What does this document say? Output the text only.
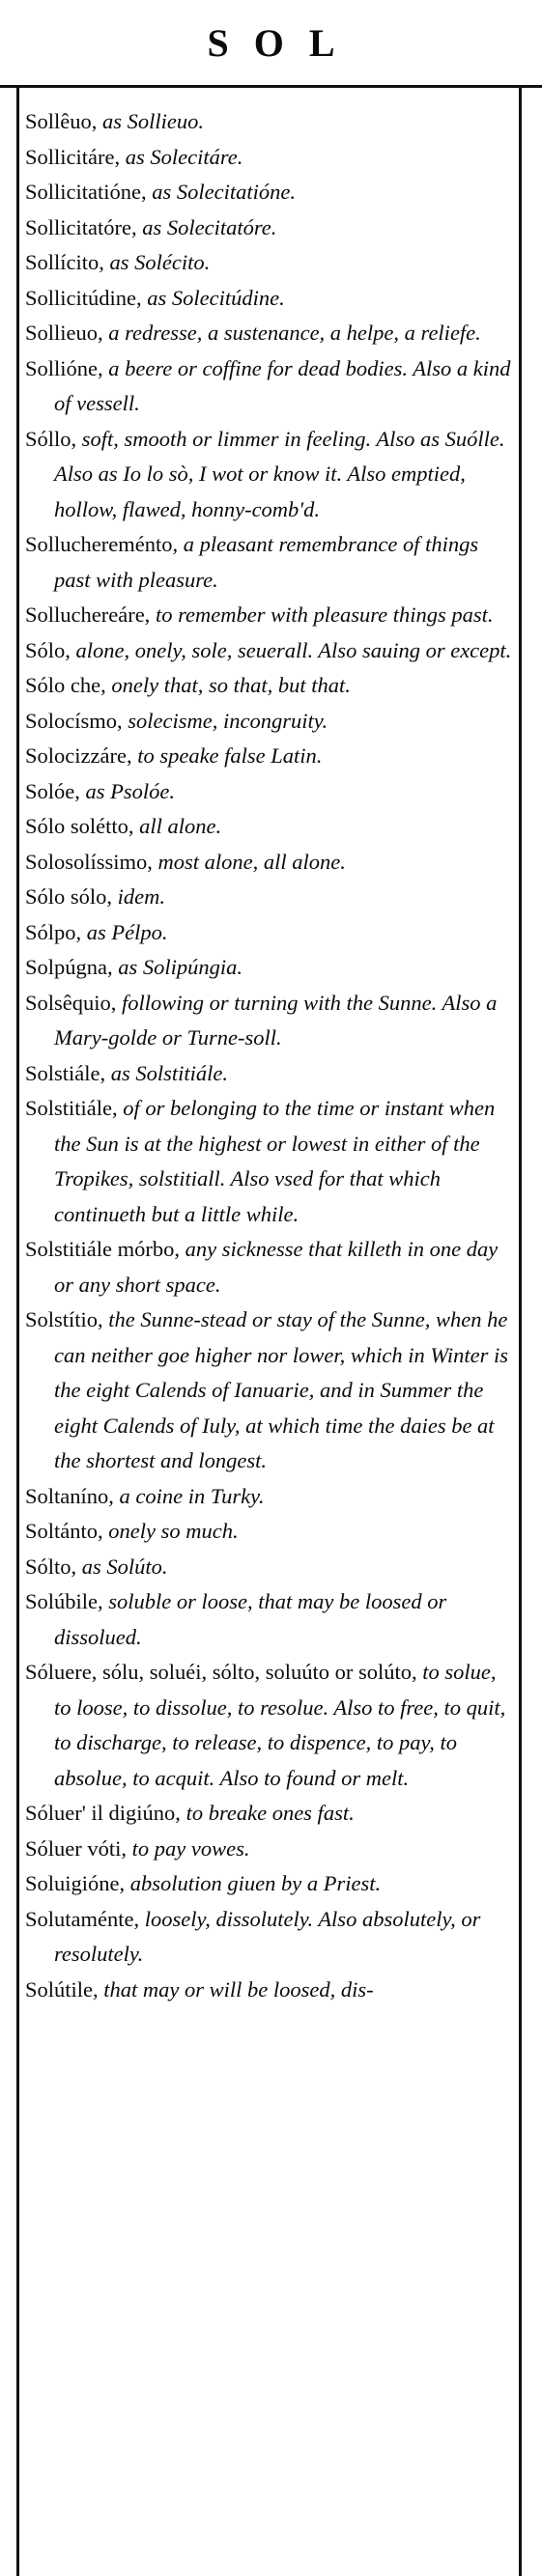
SOL

Sollêuo, as Sollieuo.

Sollicitáre, as Solecitáre.

Sollicitatióne, as Solecitatióne.

Sollicitatóre, as Solecitatóre.

Sollícito, as Solécito.

Sollicitúdine, as Solecitúdine.

Sollieuo, a redresse, a sustenance, a helpe, a reliefe.

Sollióne, a beere or coffine for dead bodies. Also a kind of vessell.

Sóllo, soft, smooth or limmer in feeling. Also as Suólle. Also as Io lo sò, I wot or know it. Also emptied, hollow, flawed, honny-comb'd.

Solluchereménto, a pleasant remembrance of things past with pleasure.

Solluchereáre, to remember with pleasure things past.

Sólo, alone, onely, sole, seuerall. Also sauing or except.

Sólo che, onely that, so that, but that.

Solocísmo, solecisme, incongruity.

Solocizzáre, to speake false Latin.

Solóe, as Psolóe.

Sólo solétto, all alone.

Solosolíssimo, most alone, all alone.

Sólo sólo, idem.

Sólpo, as Pélpo.

Solpúgna, as Solipúngia.

Solsêquio, following or turning with the Sunne. Also a Mary-golde or Turne-soll.

Solstiále, as Solstitiále.

Solstitiále, of or belonging to the time or instant when the Sun is at the highest or lowest in either of the Tropikes, solstitiall. Also vsed for that which continueth but a little while.

Solstitiále mórbo, any sicknesse that killeth in one day or any short space.

Solstítio, the Sunne-stead or stay of the Sunne, when he can neither goe higher nor lower, which in Winter is the eight Calends of Ianuarie, and in Summer the eight Calends of Iuly, at which time the daies be at the shortest and longest.

Soltaníno, a coine in Turky.

Soltánto, onely so much.

Sólto, as Solúto.

Solúbile, soluble or loose, that may be loosed or dissolued.

Sóluere, sólu, soluéi, sólto, soluúto or solúto, to solue, to loose, to dissolue, to resolue. Also to free, to quit, to discharge, to release, to dispence, to pay, to absolue, to acquit. Also to found or melt.

Sóluer' il digiúno, to breake ones fast.

Sóluer vóti, to pay vowes.

Soluigióne, absolution giuen by a Priest.

Solutaménte, loosely, dissolutely. Also absolutely, or resolutely.

Solútile, that may or will be loosed, dis-
